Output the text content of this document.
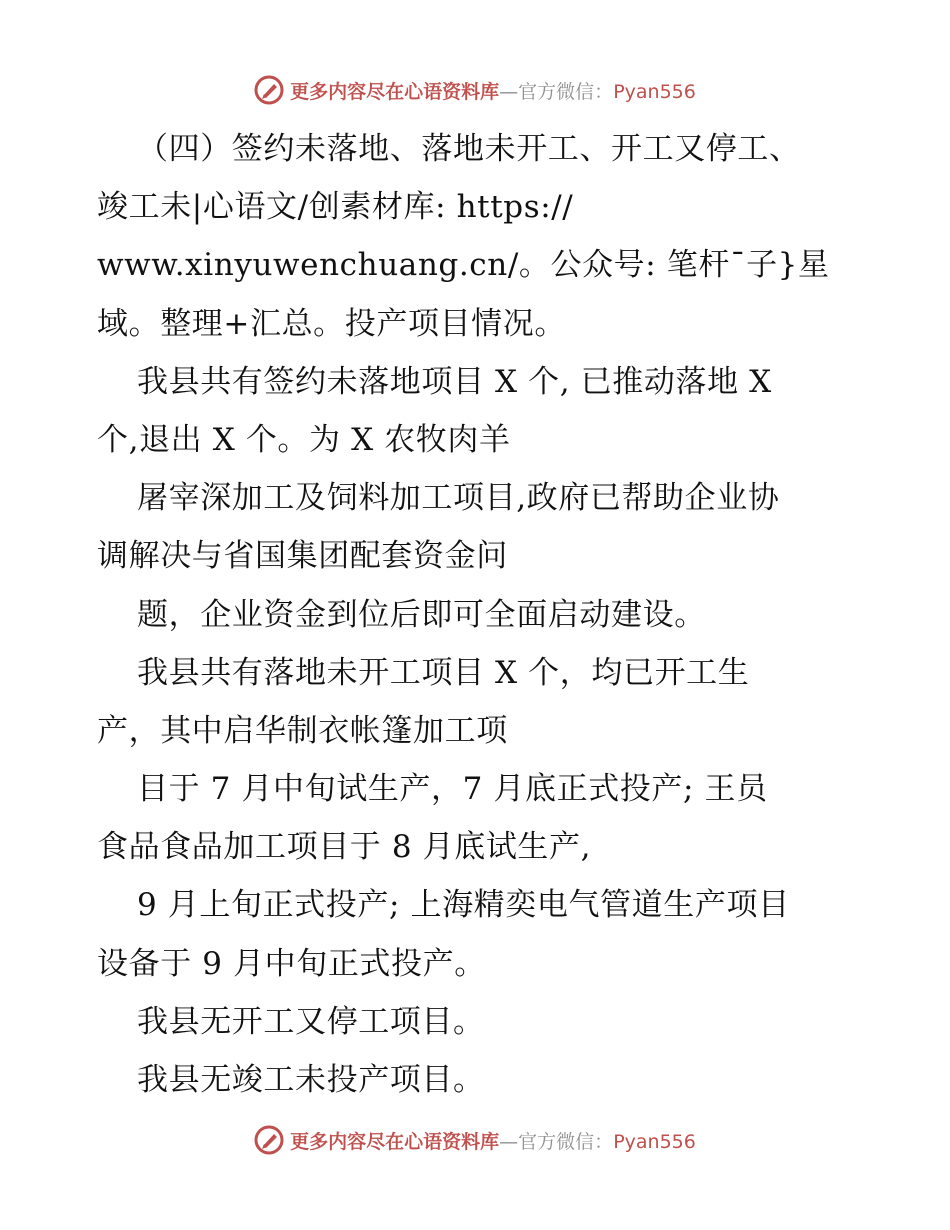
更多内容尽在心语资料库—官方微信：Pyan556
（四）签约未落地、落地未开工、开工又停工、
竣工未|心语文/创素材库: https://
www.xinyuwenchuang.cn/。公众号: 笔杆¯子}星
域。整理+汇总。投产项目情况。
我县共有签约未落地项目 X 个, 已推动落地 X
个,退出 X 个。为 X 农牧肉羊
屠宰深加工及饲料加工项目,政府已帮助企业协
调解决与省国集团配套资金问
题，企业资金到位后即可全面启动建设。
我县共有落地未开工项目 X 个，均已开工生
产，其中启华制衣帐篷加工项
目于 7 月中旬试生产，7 月底正式投产; 王员
食品食品加工项目于 8 月底试生产,
9 月上旬正式投产; 上海精奕电气管道生产项目
设备于 9 月中旬正式投产。
我县无开工又停工项目。
我县无竣工未投产项目。
更多内容尽在心语资料库—官方微信：Pyan556
